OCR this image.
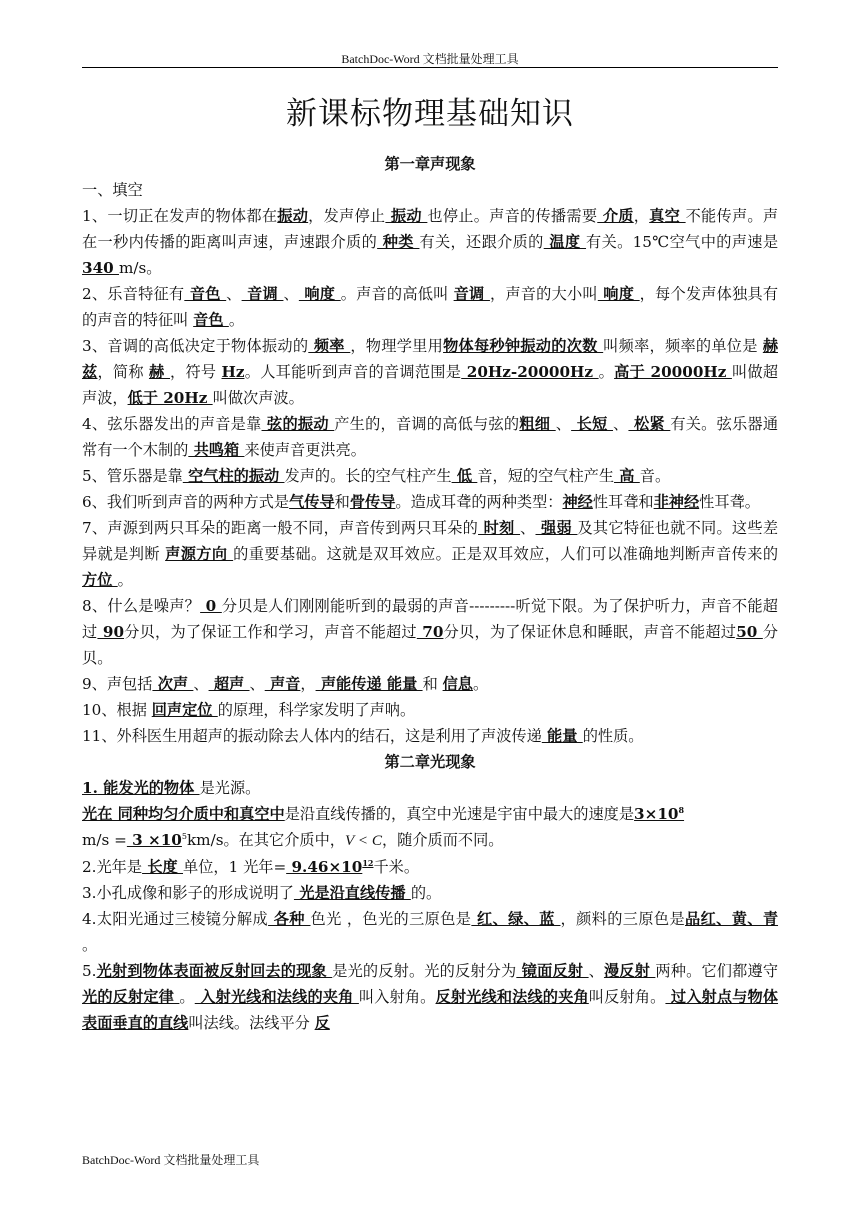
BatchDoc-Word 文档批量处理工具
新课标物理基础知识
第一章声现象
一、填空
1、一切正在发声的物体都在振动，发声停止 振动 也停止。声音的传播需要 介质，真空 不能传声。声在一秒内传播的距离叫声速，声速跟介质的 种类 有关，还跟介质的 温度 有关。15℃空气中的声速是 340 m/s。
2、乐音特征有 音色 、 音调 、 响度 。声音的高低叫 音调 ，声音的大小叫 响度 ，每个发声体独具有的声音的特征叫 音色 。
3、音调的高低决定于物体振动的 频率 ，物理学里用物体每秒钟振动的次数 叫频率，频率的单位是 赫兹，简称 赫 ，符号 Hz。人耳能听到声音的音调范围是 20Hz-20000Hz 。高于 20000Hz 叫做超声波，低于 20Hz 叫做次声波。
4、弦乐器发出的声音是靠 弦的振动 产生的，音调的高低与弦的粗细 、 长短 、 松紧 有关。弦乐器通常有一个木制的 共鸣箱 来使声音更洪亮。
5、管乐器是靠 空气柱的振动 发声的。长的空气柱产生 低 音，短的空气柱产生 高 音。
6、我们听到声音的两种方式是气传导和骨传导。造成耳聋的两种类型：神经性耳聋和非神经性耳聋。
7、声源到两只耳朵的距离一般不同，声音传到两只耳朵的 时刻 、 强弱 及其它特征也就不同。这些差异就是判断 声源方向 的重要基础。这就是双耳效应。正是双耳效应，人们可以准确地判断声音传来的 方位 。
8、什么是噪声？ 0 分贝是人们刚刚能听到的最弱的声音---------听觉下限。为了保护听力，声音不能超过 90分贝，为了保证工作和学习，声音不能超过 70分贝，为了保证休息和睡眠，声音不能超过50 分贝。
9、声包括 次声 、 超声 、 声音， 声能传递 能量 和 信息。
10、根据 回声定位 的原理，科学家发明了声呐。
11、外科医生用超声的振动除去人体内的结石，这是利用了声波传递 能量 的性质。
第二章光现象
1. 能发光的物体 是光源。
光在 同种均匀介质中和真空中是沿直线传播的，真空中光速是宇宙中最大的速度是$3\times 10^8$
$m/s = 3 \times 10^5km/s$。在其它介质中，V < C，随介质而不同。
2.光年是 长度 单位，1 光年= $9.46\times 10^{12}$千米。
3.小孔成像和影子的形成说明了 光是沿直线传播 的。
4.太阳光通过三棱镜分解成 各种 色光 ，色光的三原色是 红、绿、蓝 ，颜料的三原色是品红、黄、青 。
5.光射到物体表面被反射回去的现象 是光的反射。光的反射分为 镜面反射 、漫反射 两种。它们都遵守 光的反射定律 。 入射光线和法线的夹角 叫入射角。反射光线和法线的夹角叫反射角。 过入射点与物体表面垂直的直线叫法线。法线平分 反
BatchDoc-Word 文档批量处理工具
